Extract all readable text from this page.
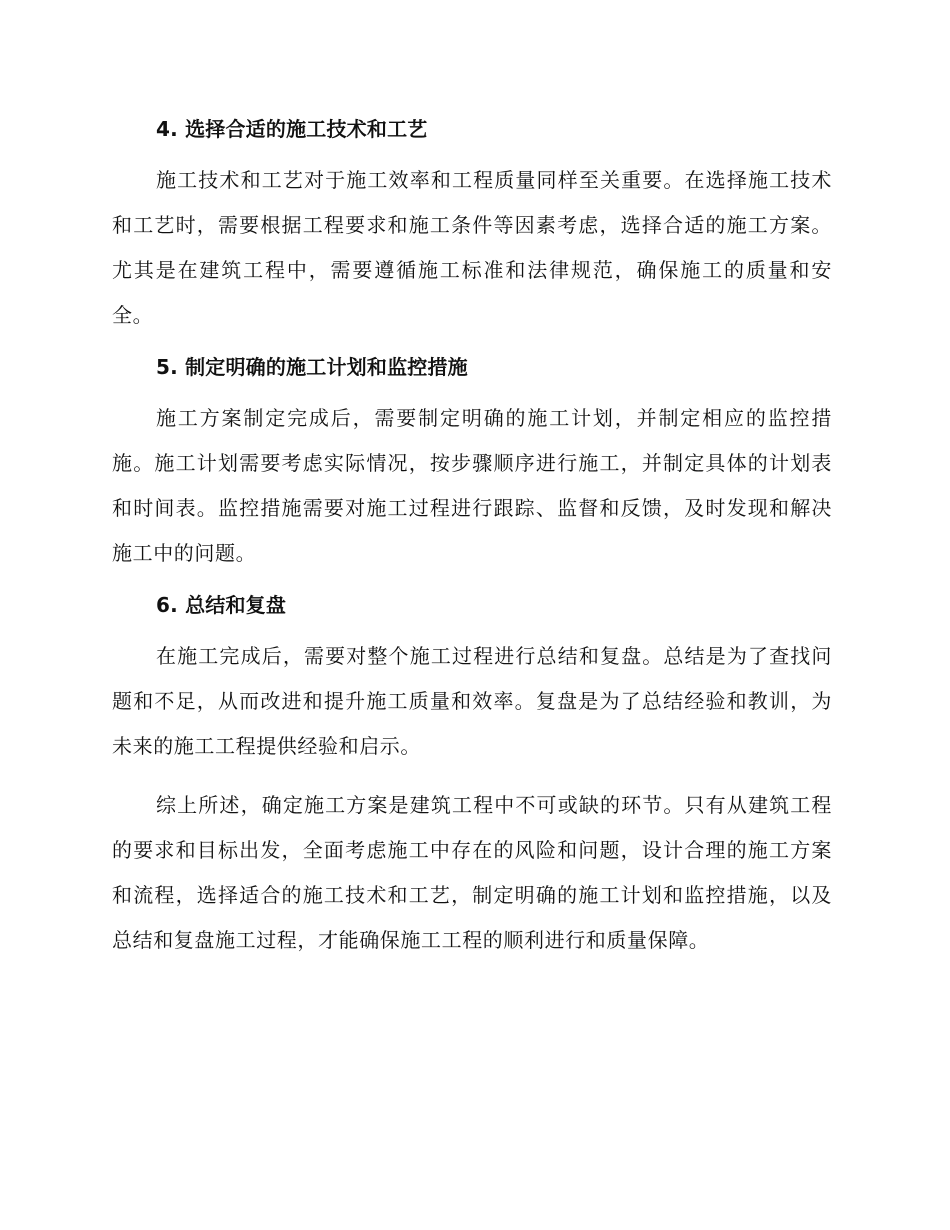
4. 选择合适的施工技术和工艺

施工技术和工艺对于施工效率和工程质量同样至关重要。在选择施工技术和工艺时，需要根据工程要求和施工条件等因素考虑，选择合适的施工方案。尤其是在建筑工程中，需要遵循施工标准和法律规范，确保施工的质量和安全。

5. 制定明确的施工计划和监控措施

施工方案制定完成后，需要制定明确的施工计划，并制定相应的监控措施。施工计划需要考虑实际情况，按步骤顺序进行施工，并制定具体的计划表和时间表。监控措施需要对施工过程进行跟踪、监督和反馈，及时发现和解决施工中的问题。

6. 总结和复盘

在施工完成后，需要对整个施工过程进行总结和复盘。总结是为了查找问题和不足，从而改进和提升施工质量和效率。复盘是为了总结经验和教训，为未来的施工工程提供经验和启示。

综上所述，确定施工方案是建筑工程中不可或缺的环节。只有从建筑工程的要求和目标出发，全面考虑施工中存在的风险和问题，设计合理的施工方案和流程，选择适合的施工技术和工艺，制定明确的施工计划和监控措施，以及总结和复盘施工过程，才能确保施工工程的顺利进行和质量保障。
